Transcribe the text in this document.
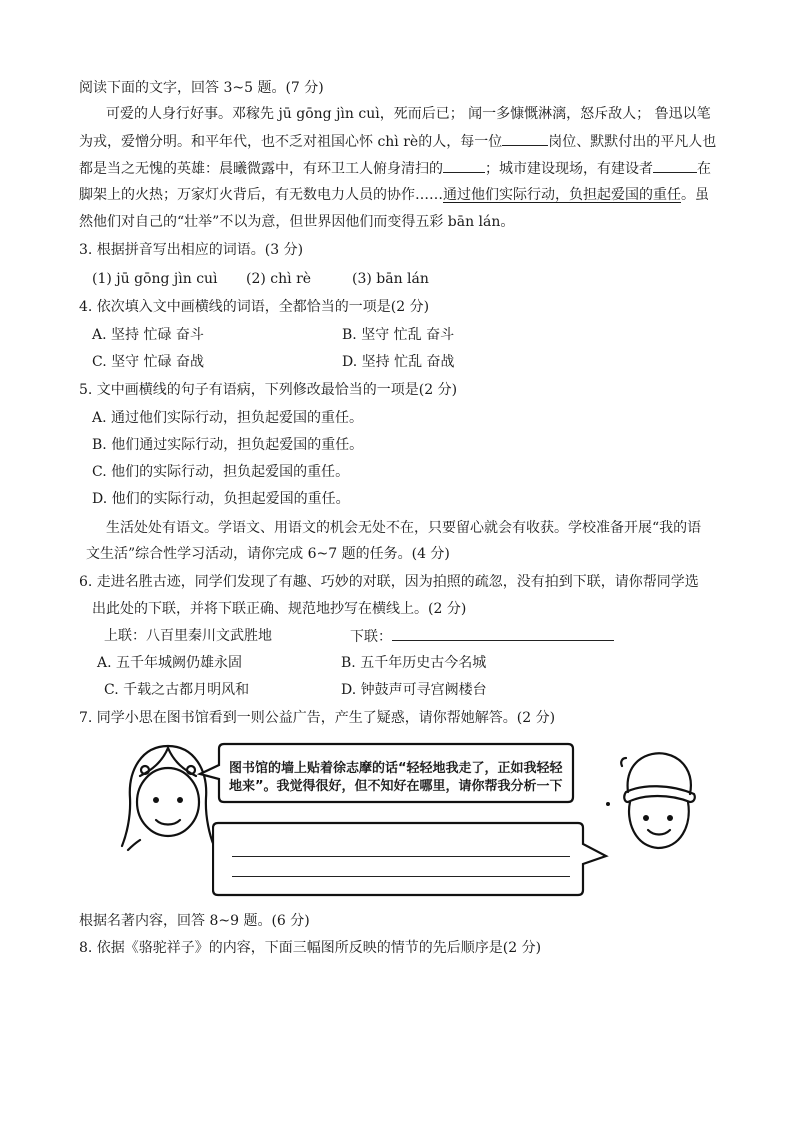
阅读下面的文字，回答 3~5 题。(7 分)
可爱的人身行好事。邓稼先 jū gōng jìn cuì，死而后已； 闻一多慷慨淋漓，怒斥敌人； 鲁迅以笔
为戎，爱憎分明。和平年代，也不乏对祖国心怀 chì rè的人，每一位	岗位、默默付出的平凡人也
都是当之无愧的英雄：晨曦微露中，有环卫工人俯身清扫的	；城市建设现场，有建设者	在
脚架上的火热；万家灯火背后，有无数电力人员的协作……通过他们实际行动，负担起爱国的重任。虽
然他们对自己的“壮举”不以为意，但世界因他们而变得五彩 bān lán。
3. 根据拼音写出相应的词语。(3 分)
(1) jū gōng jìn cuì (2) chì rè	(3) bān lán
4. 依次填入文中画横线的词语，全都恰当的一项是(2 分)
A. 坚持 忙碌 奋斗	B. 坚守 忙乱 奋斗
C. 坚守 忙碌 奋战	D. 坚持 忙乱 奋战
5. 文中画横线的句子有语病，下列修改最恰当的一项是(2 分)
A. 通过他们实际行动，担负起爱国的重任。
B. 他们通过实际行动，担负起爱国的重任。
C. 他们的实际行动，担负起爱国的重任。
D. 他们的实际行动，负担起爱国的重任。
生活处处有语文。学语文、用语文的机会无处不在，只要留心就会有收获。学校准备开展“我的语
文生活”综合性学习活动，请你完成 6~7 题的任务。(4 分)
6. 走进名胜古迹，同学们发现了有趣、巧妙的对联，因为拍照的疏忽，没有拍到下联，请你帮同学选
出此处的下联，并将下联正确、规范地抄写在横线上。(2 分)
上联：八百里秦川文武胜地	下联：
A. 五千年城阙仍雄永固	B. 五千年历史古今名城
C. 千载之古都月明风和	D. 钟鼓声可寻宫阙楼台
7. 同学小思在图书馆看到一则公益广告，产生了疑惑，请你帮她解答。(2 分)
图书馆的墙上贴着徐志摩的话“轻轻地我走了，正如我轻轻
地来”。我觉得很好，但不知好在哪里，请你帮我分析一下
根据名著内容，回答 8~9 题。(6 分)
8. 依据《骆驼祥子》的内容，下面三幅图所反映的情节的先后顺序是(2 分)
